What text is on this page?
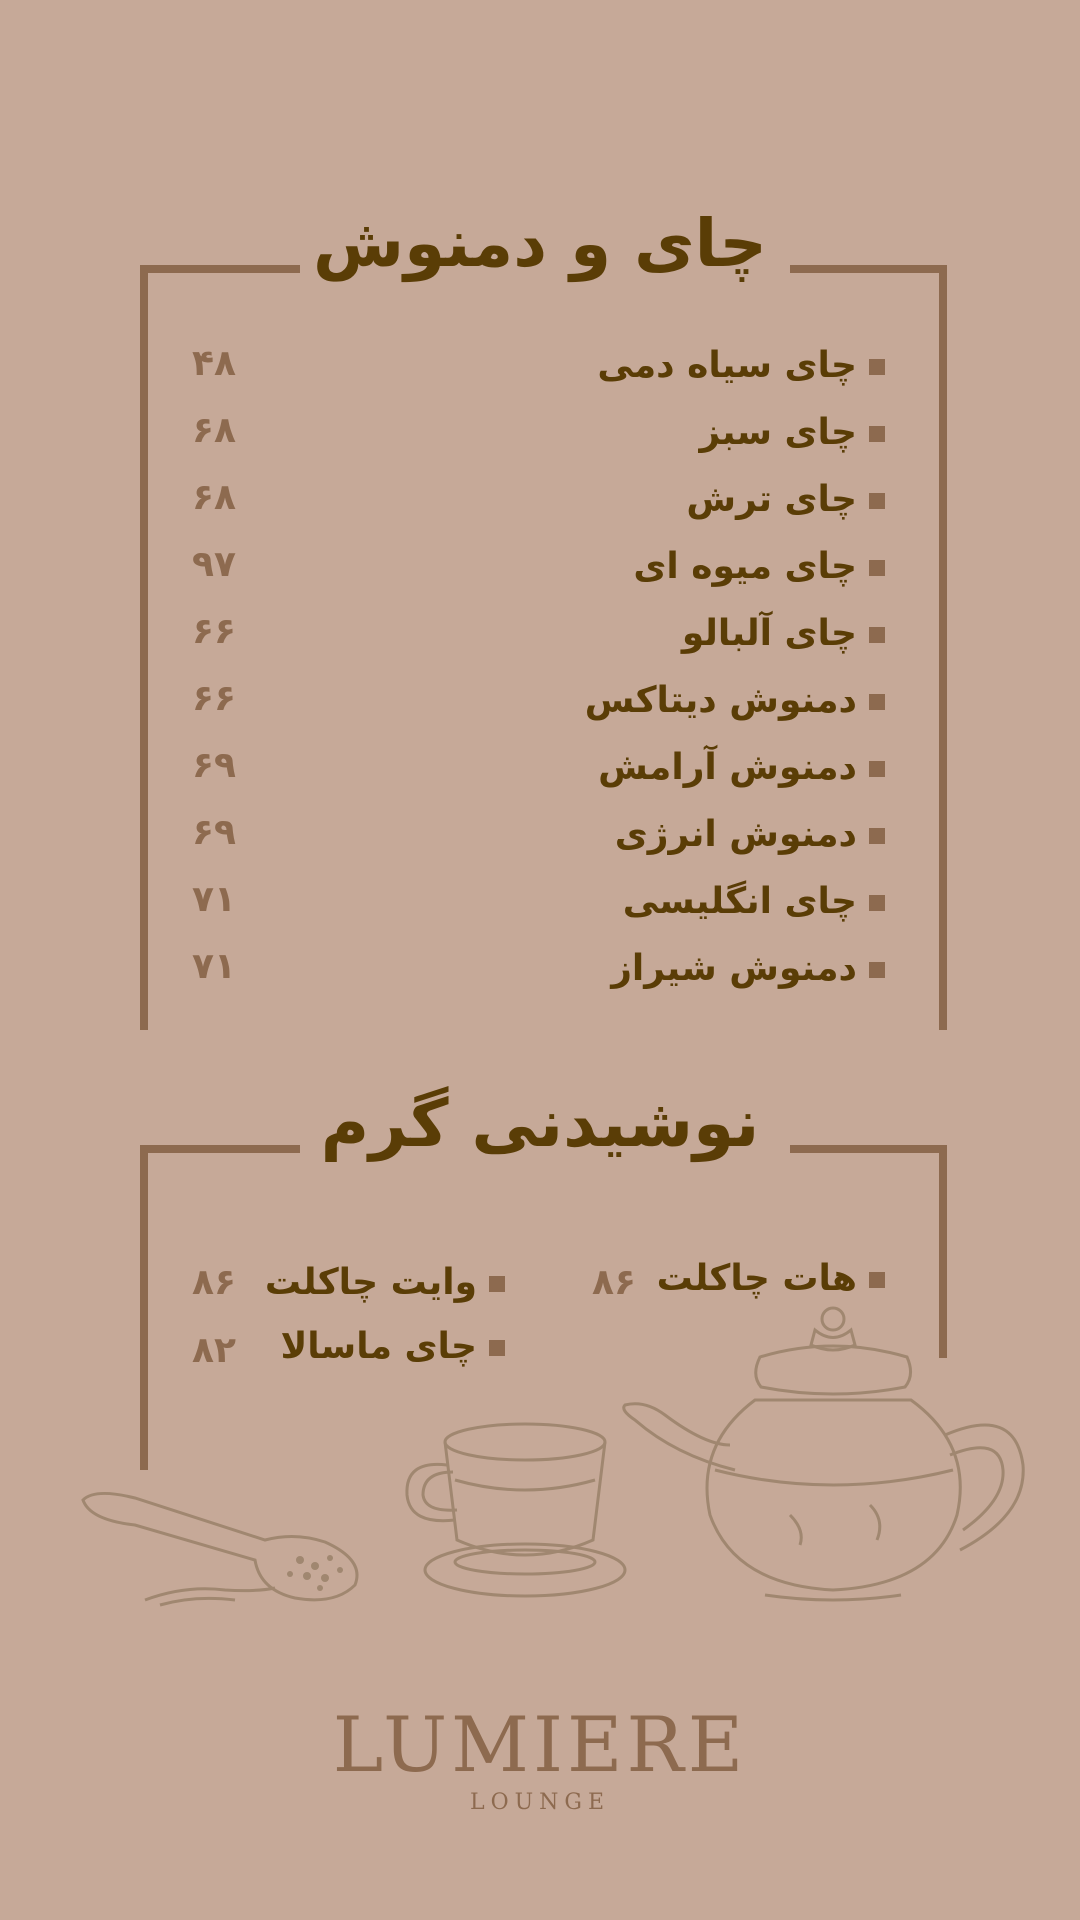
چای و دمنوش
چای سیاه دمی
۴۸
چای سبز
۶۸
چای ترش
۶۸
چای میوه ای
۹۷
چای آلبالو
۶۶
دمنوش دیتاکس
۶۶
دمنوش آرامش
۶۹
دمنوش انرژی
۶۹
چای انگلیسی
۷۱
دمنوش شیراز
۷۱
نوشیدنی گرم
هات چاکلت
۸۶
وایت چاکلت
۸۶
چای ماسالا
۸۲
LUMIERE
LOUNGE
